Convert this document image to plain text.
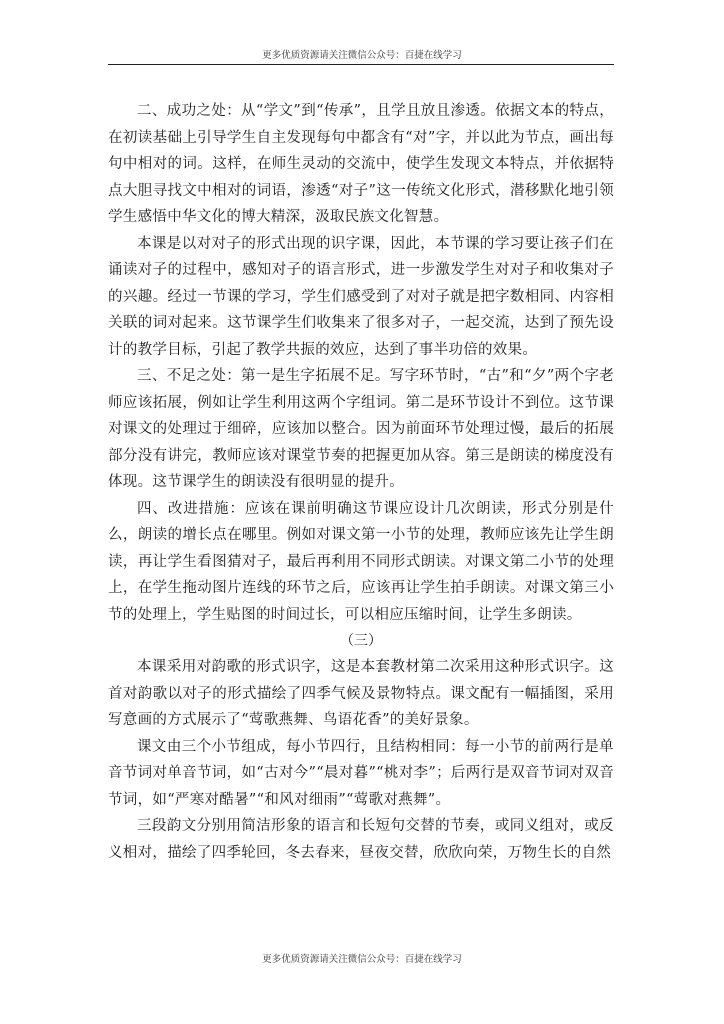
更多优质资源请关注微信公众号：百捷在线学习

二、成功之处：从“学文”到“传承”，且学且放且渗透。依据文本的特点，在初读基础上引导学生自主发现每句中都含有“对”字，并以此为节点，画出每句中相对的词。这样，在师生灵动的交流中，使学生发现文本特点，并依据特点大胆寻找文中相对的词语，渗透“对子”这一传统文化形式，潜移默化地引领学生感悟中华文化的博大精深，汲取民族文化智慧。

本课是以对对子的形式出现的识字课，因此，本节课的学习要让孩子们在诵读对子的过程中，感知对子的语言形式，进一步激发学生对对子和收集对子的兴趣。经过一节课的学习，学生们感受到了对对子就是把字数相同、内容相关联的词对起来。这节课学生们收集来了很多对子，一起交流，达到了预先设计的教学目标，引起了教学共振的效应，达到了事半功倍的效果。

三、不足之处：第一是生字拓展不足。写字环节时，“古”和“夕”两个字老师应该拓展，例如让学生利用这两个字组词。第二是环节设计不到位。这节课对课文的处理过于细碎，应该加以整合。因为前面环节处理过慢，最后的拓展部分没有讲完，教师应该对课堂节奏的把握更加从容。第三是朗读的梯度没有体现。这节课学生的朗读没有很明显的提升。

四、改进措施：应该在课前明确这节课应设计几次朗读，形式分别是什么，朗读的增长点在哪里。例如对课文第一小节的处理，教师应该先让学生朗读，再让学生看图猜对子，最后再利用不同形式朗读。对课文第二小节的处理上，在学生拖动图片连线的环节之后，应该再让学生拍手朗读。对课文第三小节的处理上，学生贴图的时间过长，可以相应压缩时间，让学生多朗读。

（三）

本课采用对韵歌的形式识字，这是本套教材第二次采用这种形式识字。这首对韵歌以对子的形式描绘了四季气候及景物特点。课文配有一幅插图，采用写意画的方式展示了“莺歌燕舞、鸟语花香”的美好景象。

课文由三个小节组成，每小节四行，且结构相同：每一小节的前两行是单音节词对单音节词，如“古对今”“晨对暮”“桃对李”；后两行是双音节词对双音节词，如“严寒对酷暑”“和风对细雨”“莺歌对燕舞”。

三段韵文分别用简洁形象的语言和长短句交替的节奏，或同义组对，或反义相对，描绘了四季轮回，冬去春来，昼夜交替，欣欣向荣，万物生长的自然

更多优质资源请关注微信公众号：百捷在线学习
